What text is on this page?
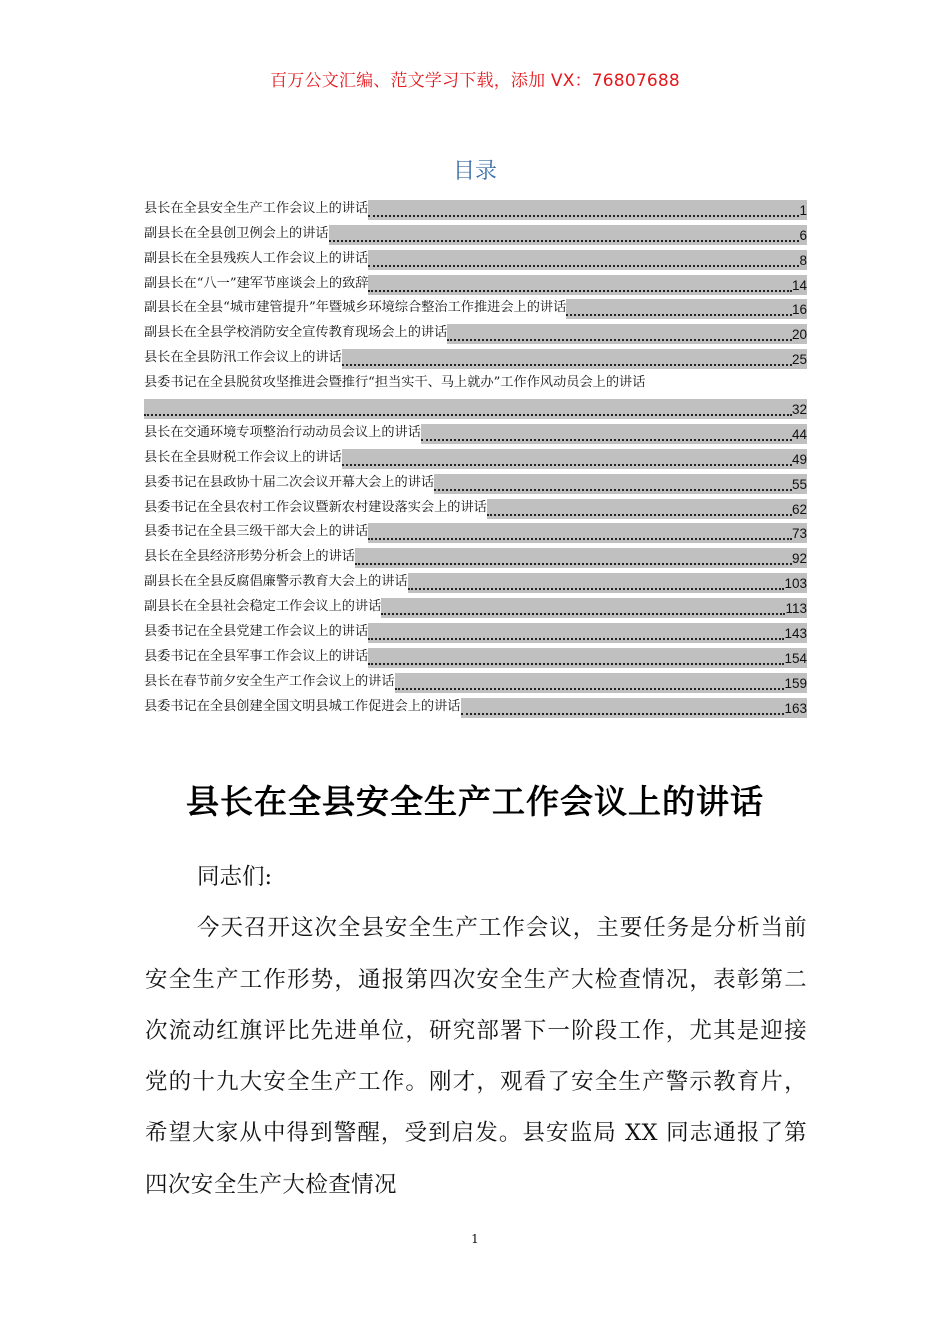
百万公文汇编、范文学习下载，添加 VX：76807688
目录
县长在全县安全生产工作会议上的讲话	1
副县长在全县创卫例会上的讲话	6
副县长在全县残疾人工作会议上的讲话	8
副县长在“八一”建军节座谈会上的致辞	14
副县长在全县“城市建管提升”年暨城乡环境综合整治工作推进会上的讲话	16
副县长在全县学校消防安全宣传教育现场会上的讲话	20
县长在全县防汛工作会议上的讲话	25
县委书记在全县脱贫攻坚推进会暨推行“担当实干、马上就办”工作作风动员会上的讲话
32
县长在交通环境专项整治行动动员会议上的讲话	44
县长在全县财税工作会议上的讲话	49
县委书记在县政协十届二次会议开幕大会上的讲话	55
县委书记在全县农村工作会议暨新农村建设落实会上的讲话	62
县委书记在全县三级干部大会上的讲话	73
县长在全县经济形势分析会上的讲话	92
副县长在全县反腐倡廉警示教育大会上的讲话	103
副县长在全县社会稳定工作会议上的讲话	113
县委书记在全县党建工作会议上的讲话	143
县委书记在全县军事工作会议上的讲话	154
县长在春节前夕安全生产工作会议上的讲话	159
县委书记在全县创建全国文明县城工作促进会上的讲话	163
县长在全县安全生产工作会议上的讲话

同志们:

今天召开这次全县安全生产工作会议，主要任务是分析当前安全生产工作形势，通报第四次安全生产大检查情况，表彰第二次流动红旗评比先进单位，研究部署下一阶段工作，尤其是迎接党的十九大安全生产工作。刚才，观看了安全生产警示教育片，希望大家从中得到警醒，受到启发。县安监局 XX 同志通报了第四次安全生产大检查情况

1
